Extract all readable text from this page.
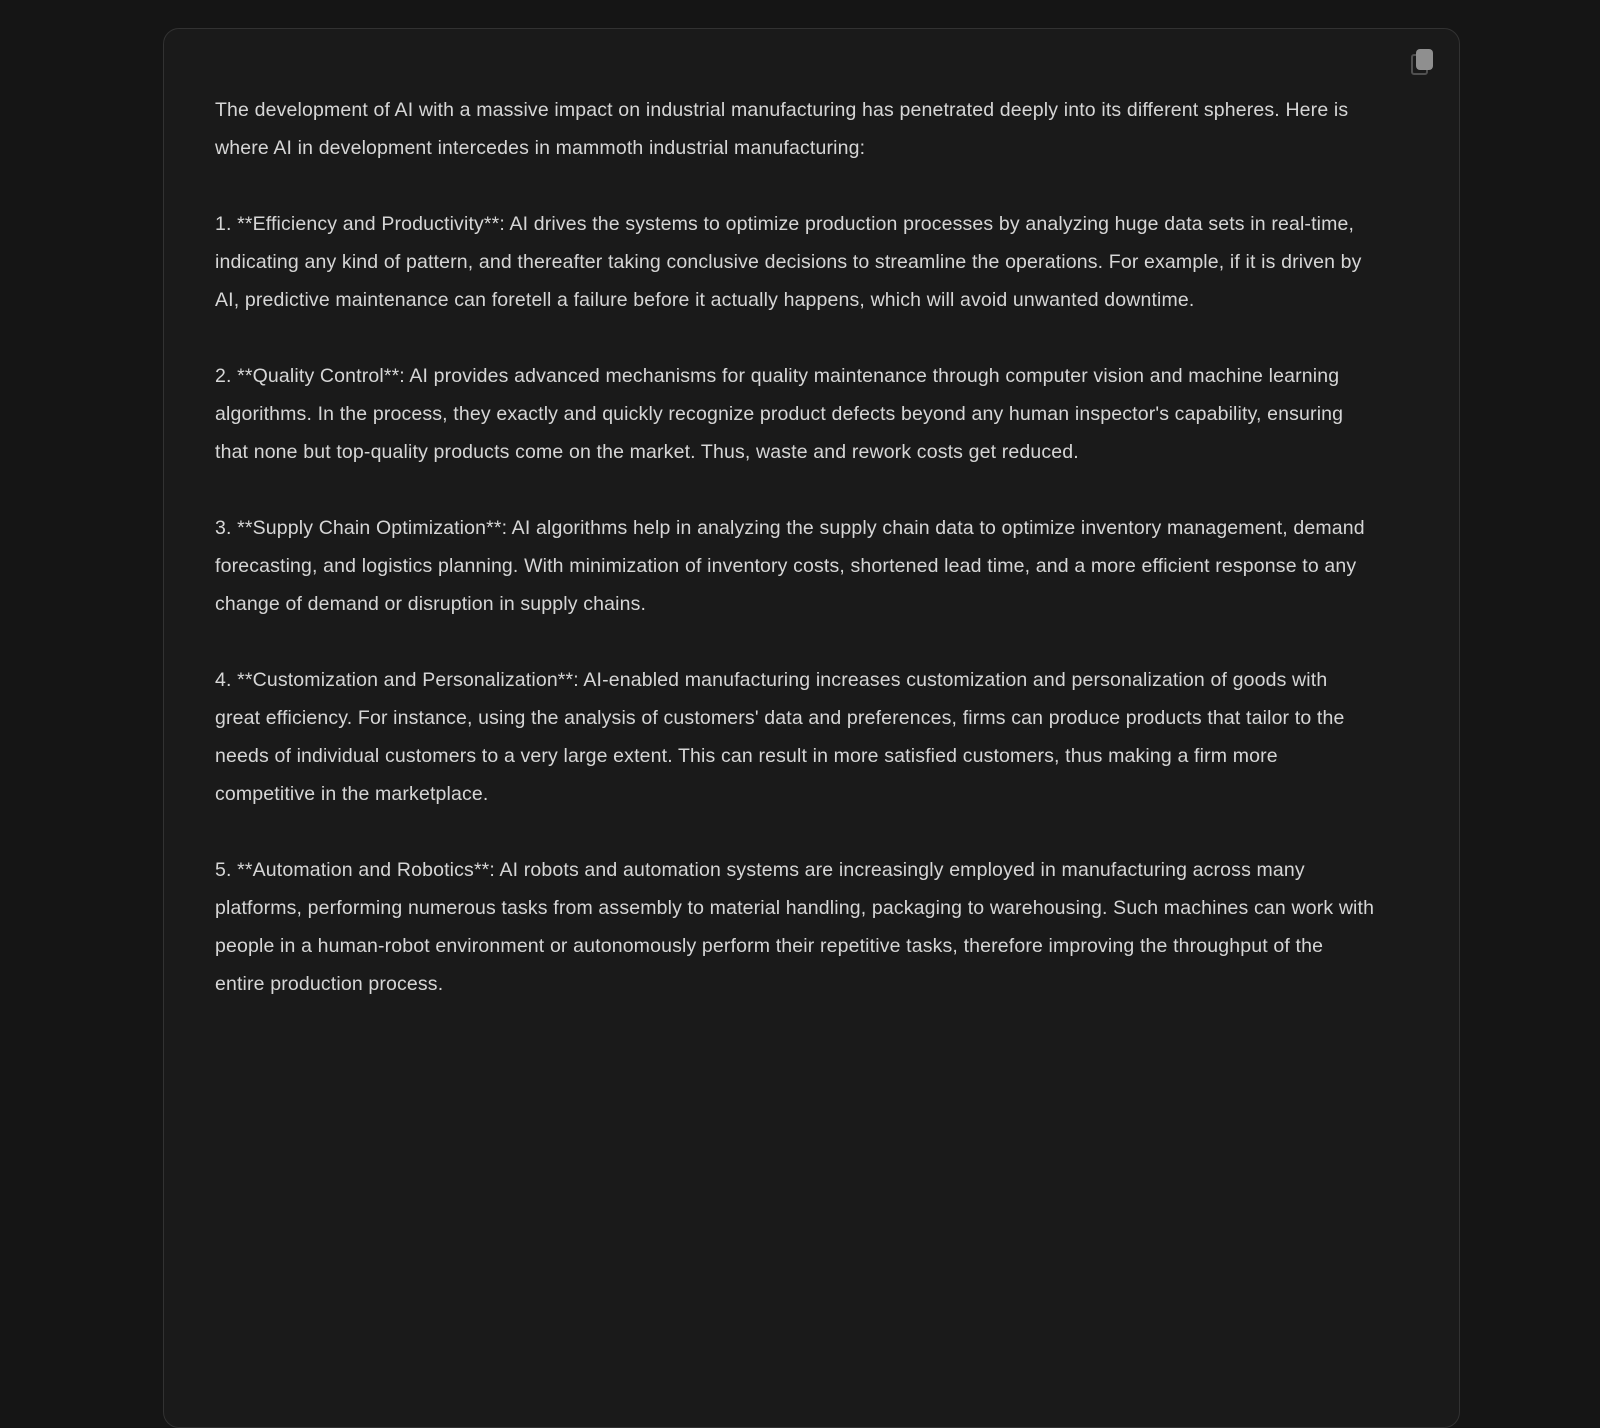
The development of AI with a massive impact on industrial manufacturing has penetrated deeply into its different spheres. Here is where AI in development intercedes in mammoth industrial manufacturing:

1. **Efficiency and Productivity**: AI drives the systems to optimize production processes by analyzing huge data sets in real-time, indicating any kind of pattern, and thereafter taking conclusive decisions to streamline the operations. For example, if it is driven by AI, predictive maintenance can foretell a failure before it actually happens, which will avoid unwanted downtime.

2. **Quality Control**: AI provides advanced mechanisms for quality maintenance through computer vision and machine learning algorithms. In the process, they exactly and quickly recognize product defects beyond any human inspector's capability, ensuring that none but top-quality products come on the market. Thus, waste and rework costs get reduced.

3. **Supply Chain Optimization**: AI algorithms help in analyzing the supply chain data to optimize inventory management, demand forecasting, and logistics planning. With minimization of inventory costs, shortened lead time, and a more efficient response to any change of demand or disruption in supply chains.

4. **Customization and Personalization**: AI-enabled manufacturing increases customization and personalization of goods with great efficiency. For instance, using the analysis of customers' data and preferences, firms can produce products that tailor to the needs of individual customers to a very large extent. This can result in more satisfied customers, thus making a firm more competitive in the marketplace.

5. **Automation and Robotics**: AI robots and automation systems are increasingly employed in manufacturing across many platforms, performing numerous tasks from assembly to material handling, packaging to warehousing. Such machines can work with people in a human-robot environment or autonomously perform their repetitive tasks, therefore improving the throughput of the entire production process.
